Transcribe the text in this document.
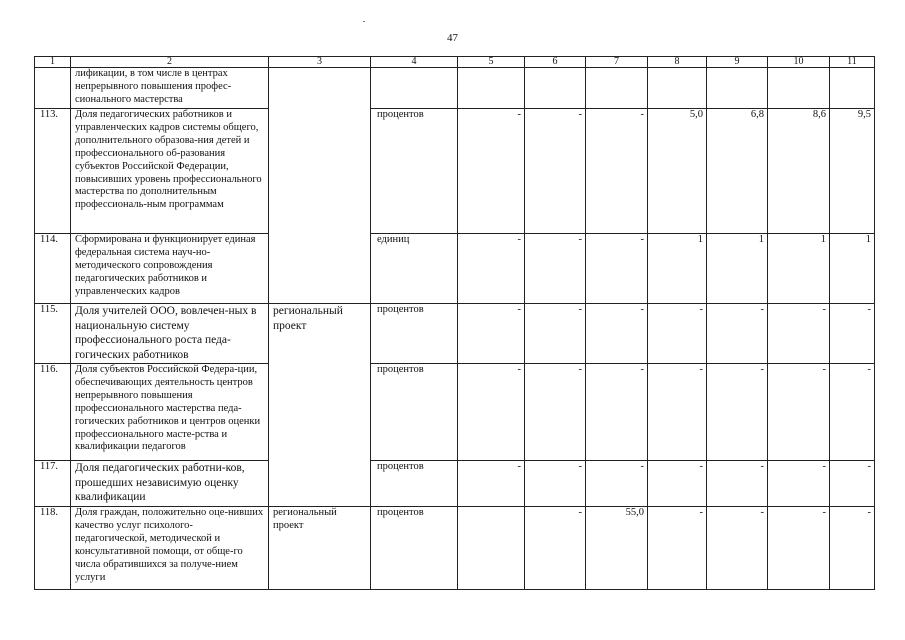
47
1	2	3	4	5	6	7	8	9	10	11
	лификации, в том числе в центрах непрерывного повышения профес-сионального мастерства									
113.	Доля педагогических работников и управленческих кадров системы общего, дополнительного образова-ния детей и профессионального об-разования субъектов Российской Федерации, повысивших уровень профессионального мастерства по дополнительным профессиональ-ным программам		процентов	-	-	-	5,0	6,8	8,6	9,5
114.	Сформирована и функционирует единая федеральная система науч-но-методического сопровождения педагогических работников и управленческих кадров		единиц	-	-	-	1	1	1	1
115.	Доля учителей ООО, вовлечен-ных в национальную систему профессионального роста педа-гогических работников	региональный проект	процентов	-	-	-	-	-	-	-
116.	Доля субъектов Российской Федера-ции, обеспечивающих деятельность центров непрерывного повышения профессионального мастерства педа-гогических работников и центров оценки профессионального масте-рства и квалификации педагогов		процентов	-	-	-	-	-	-	-
117.	Доля педагогических работни-ков, прошедших независимую оценку квалификации		процентов	-	-	-	-	-	-	-
118.	Доля граждан, положительно оце-нивших качество услуг психолого-педагогической, методической и консультативной помощи, от обще-го числа обратившихся за получе-нием услуги	региональный проект	процентов		-	55,0	-	-	-	-
